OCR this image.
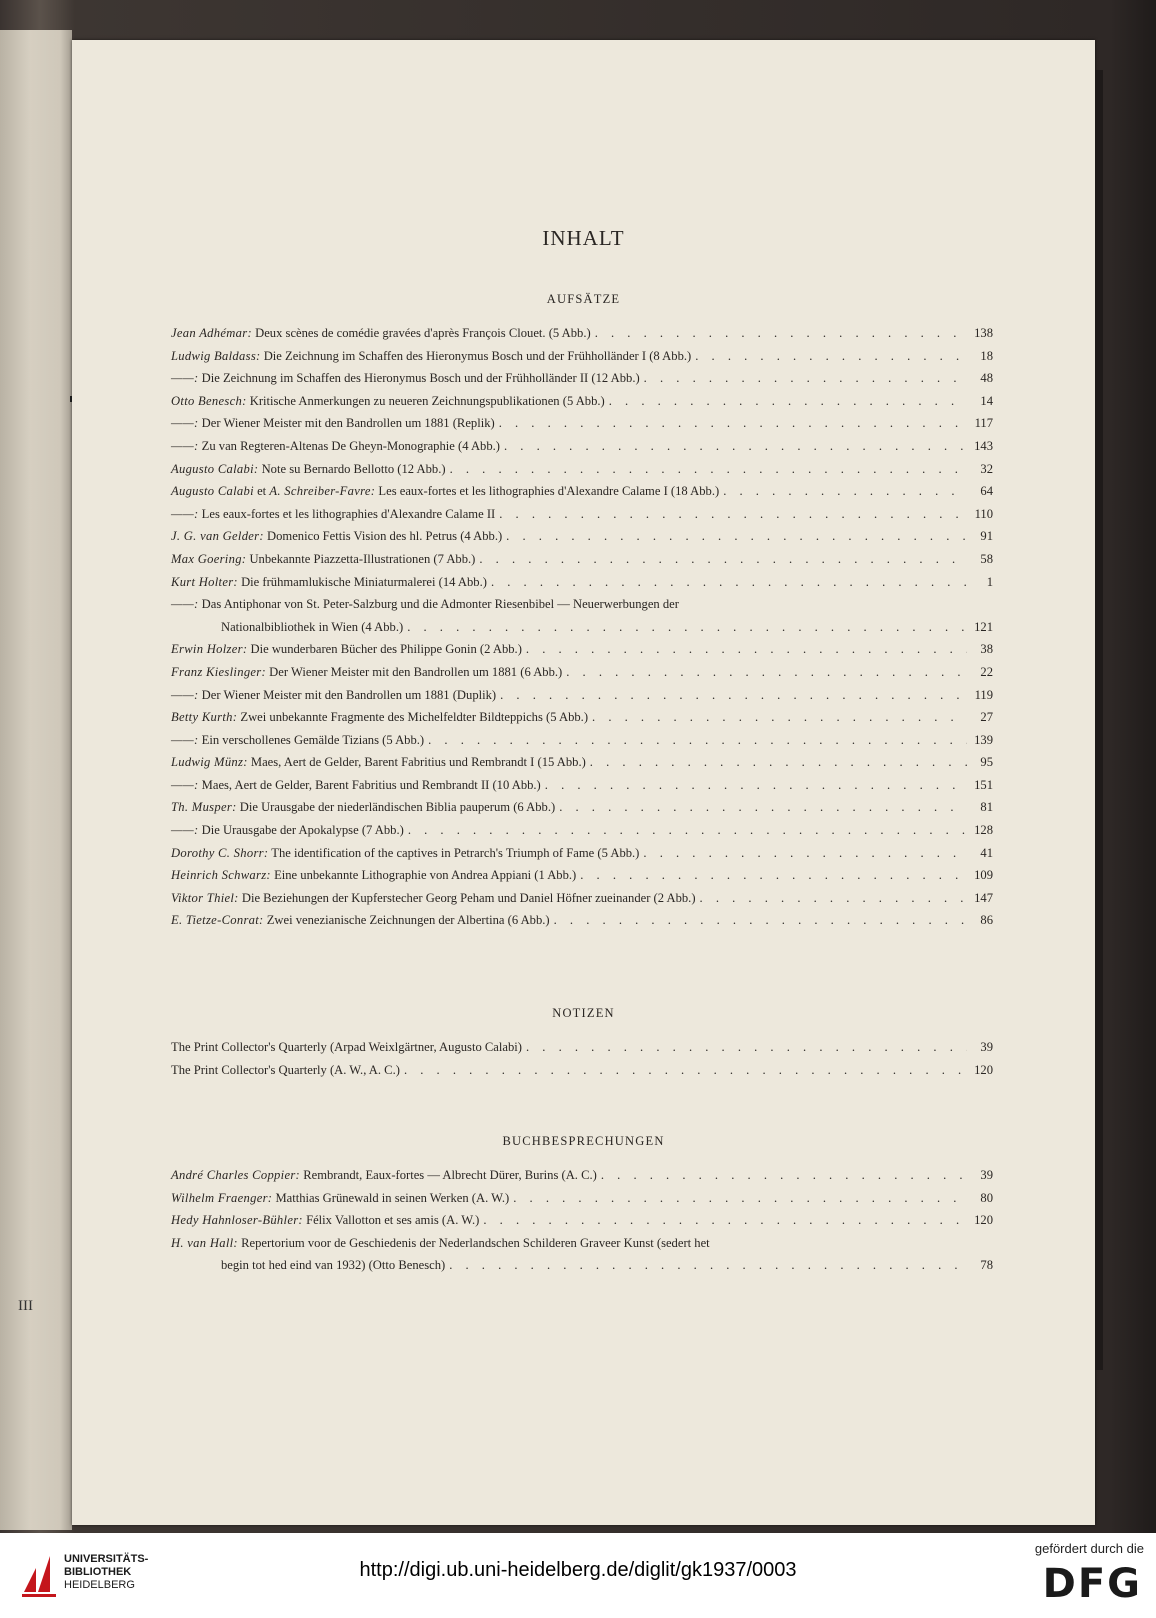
III
INHALT
AUFSÄTZE
Jean Adhémar: Deux scènes de comédie gravées d'après François Clouet. (5 Abb.) . . .	138
Ludwig Baldass: Die Zeichnung im Schaffen des Hieronymus Bosch und der Frühholländer I (8 Abb.) . . .	18
——: Die Zeichnung im Schaffen des Hieronymus Bosch und der Frühholländer II (12 Abb.) . . .	48
Otto Benesch: Kritische Anmerkungen zu neueren Zeichnungspublikationen (5 Abb.) . . .	14
——: Der Wiener Meister mit den Bandrollen um 1881 (Replik) . . .	117
——: Zu van Regteren-Altenas De Gheyn-Monographie (4 Abb.) . . .	143
Augusto Calabi: Note su Bernardo Bellotto (12 Abb.) . . .	32
Augusto Calabi et A. Schreiber-Favre: Les eaux-fortes et les lithographies d'Alexandre Calame I (18 Abb.) . . .	64
——: Les eaux-fortes et les lithographies d'Alexandre Calame II . . .	110
J. G. van Gelder: Domenico Fettis Vision des hl. Petrus (4 Abb.) . . .	91
Max Goering: Unbekannte Piazzetta-Illustrationen (7 Abb.) . . .	58
Kurt Holter: Die frühmamlukische Miniaturmalerei (14 Abb.) . . .	1
——: Das Antiphonar von St. Peter-Salzburg und die Admonter Riesenbibel — Neuerwerbungen der
Nationalbibliothek in Wien (4 Abb.) . . .	121
Erwin Holzer: Die wunderbaren Bücher des Philippe Gonin (2 Abb.) . . .	38
Franz Kieslinger: Der Wiener Meister mit den Bandrollen um 1881 (6 Abb.) . . .	22
——: Der Wiener Meister mit den Bandrollen um 1881 (Duplik) . . .	119
Betty Kurth: Zwei unbekannte Fragmente des Michelfeldter Bildteppichs (5 Abb.) . . .	27
——: Ein verschollenes Gemälde Tizians (5 Abb.) . . .	139
Ludwig Münz: Maes, Aert de Gelder, Barent Fabritius und Rembrandt I (15 Abb.) . . .	95
——: Maes, Aert de Gelder, Barent Fabritius und Rembrandt II (10 Abb.) . . .	151
Th. Musper: Die Urausgabe der niederländischen Biblia pauperum (6 Abb.) . . .	81
——: Die Urausgabe der Apokalypse (7 Abb.) . . .	128
Dorothy C. Shorr: The identification of the captives in Petrarch's Triumph of Fame (5 Abb.) . . .	41
Heinrich Schwarz: Eine unbekannte Lithographie von Andrea Appiani (1 Abb.) . . .	109
Viktor Thiel: Die Beziehungen der Kupferstecher Georg Peham und Daniel Höfner zueinander (2 Abb.) . . .	147
E. Tietze-Conrat: Zwei venezianische Zeichnungen der Albertina (6 Abb.) . . .	86
NOTIZEN
The Print Collector's Quarterly (Arpad Weixlgärtner, Augusto Calabi) . . .	39
The Print Collector's Quarterly (A. W., A. C.) . . .	120
BUCHBESPRECHUNGEN
André Charles Coppier: Rembrandt, Eaux-fortes — Albrecht Dürer, Burins (A. C.) . . .	39
Wilhelm Fraenger: Matthias Grünewald in seinen Werken (A. W.) . . .	80
Hedy Hahnloser-Bühler: Félix Vallotton et ses amis (A. W.) . . .	120
H. van Hall: Repertorium voor de Geschiedenis der Nederlandschen Schilderen Graveer Kunst (sedert het
begin tot hed eind van 1932) (Otto Benesch) . . .	78
UNIVERSITÄTS-
BIBLIOTHEK
HEIDELBERG
http://digi.ub.uni-heidelberg.de/diglit/gk1937/0003
gefördert durch die
DFG
